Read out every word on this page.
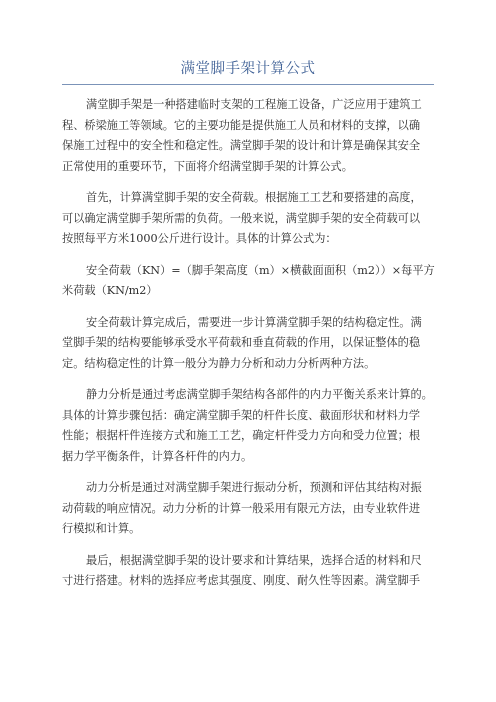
满堂脚手架计算公式
满堂脚手架是一种搭建临时支架的工程施工设备，广泛应用于建筑工
程、桥梁施工等领域。它的主要功能是提供施工人员和材料的支撑，以确
保施工过程中的安全性和稳定性。满堂脚手架的设计和计算是确保其安全
正常使用的重要环节，下面将介绍满堂脚手架的计算公式。
首先，计算满堂脚手架的安全荷载。根据施工工艺和要搭建的高度，
可以确定满堂脚手架所需的负荷。一般来说，满堂脚手架的安全荷载可以
按照每平方米1000公斤进行设计。具体的计算公式为：
安全荷载（KN）=（脚手架高度（m）×横截面面积（m2））×每平方
米荷载（KN/m2）
安全荷载计算完成后，需要进一步计算满堂脚手架的结构稳定性。满
堂脚手架的结构要能够承受水平荷载和垂直荷载的作用，以保证整体的稳
定。结构稳定性的计算一般分为静力分析和动力分析两种方法。
静力分析是通过考虑满堂脚手架结构各部件的内力平衡关系来计算的。
具体的计算步骤包括：确定满堂脚手架的杆件长度、截面形状和材料力学
性能；根据杆件连接方式和施工工艺，确定杆件受力方向和受力位置；根
据力学平衡条件，计算各杆件的内力。
动力分析是通过对满堂脚手架进行振动分析，预测和评估其结构对振
动荷载的响应情况。动力分析的计算一般采用有限元方法，由专业软件进
行模拟和计算。
最后，根据满堂脚手架的设计要求和计算结果，选择合适的材料和尺
寸进行搭建。材料的选择应考虑其强度、刚度、耐久性等因素。满堂脚手
